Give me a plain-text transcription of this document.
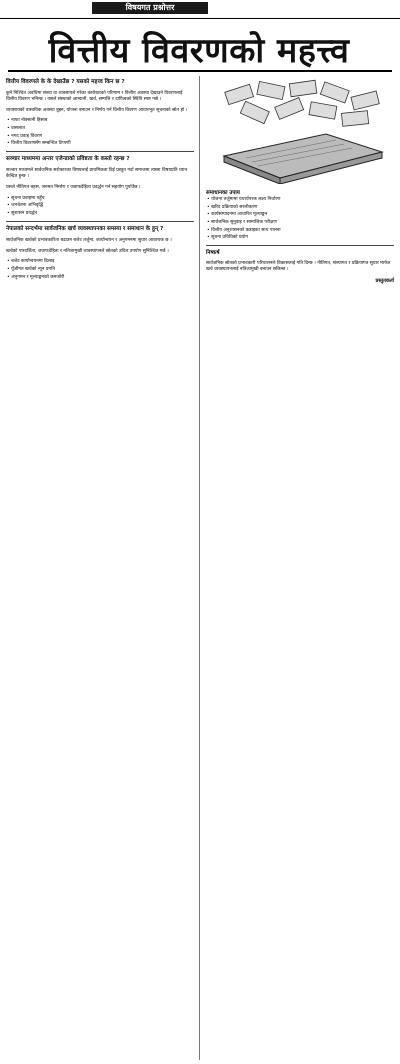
विषयगत प्रश्नोत्तर
वित्तीय विवरणको महत्त्व
वित्तीय विवरणले के के देखाउँछ ? यसको महत्त्व किन छ ?

कुनै निश्चित अवधिमा संस्था वा व्यवसायले गरेका कारोबारको परिणाम र वित्तीय अवस्था देखाउने विवरणलाई वित्तीय विवरण भनिन्छ । यसले संस्थाको आम्दानी, खर्च, सम्पत्ति र दायित्वको स्थिति स्पष्ट गर्छ ।

व्यवसायको वास्तविक अवस्था बुझ्न, योजना बनाउन र निर्णय गर्न वित्तीय विवरण आधारभूत सूचनाको स्रोत हो ।

• नाफा नोक्सानी हिसाब
• वासलात
• नगद प्रवाह विवरण
• वित्तीय विवरणसँग सम्बन्धित टिप्पणी
सञ्चार माध्यममा अन्तर एजेन्डाको प्रविष्टता के कस्तो रहन्छ ?

सञ्चार माध्यमले सार्वजनिक सरोकारका विषयलाई प्राथमिकता दिई प्रस्तुत गर्दा समाजमा त्यस्ता विषयप्रति ध्यान केन्द्रित हुन्छ ।

यसले नीतिगत बहस, जनमत निर्माण र जवाफदेहिता प्रवर्द्धन गर्न सहयोग पुर्याउँछ ।

• सूचना प्रवाहमा पहुँच
• जनचेतना अभिवृद्धि
• सुशासन प्रवर्द्धन
नेपालको सन्दर्भमा सार्वजनिक खर्च व्यवस्थापनका समस्या र समाधान के हुन् ?

सार्वजनिक खर्चको प्रभावकारिता बढाउन बजेट तर्जुमा, कार्यान्वयन र अनुगमनमा सुधार आवश्यक छ ।

खर्चको पारदर्शिता, जवाफदेहिता र नतिजामुखी व्यवस्थापनले स्रोतको उचित उपयोग सुनिश्चित गर्छ ।

• बजेट कार्यान्वयनमा ढिलाइ
• पूँजीगत खर्चको न्यून प्रगति
• अनुगमन र मूल्याङ्कनको कमजोरी
समाधानका उपाय
• योजना तर्जुमामा यथार्थपरक लक्ष्य निर्धारण
• खरिद प्रक्रियाको सरलीकरण
• कार्यसम्पादनमा आधारित मूल्याङ्कन
• सार्वजनिक सुनुवाइ र सामाजिक परीक्षण
• वित्तीय अनुशासनको कडाइका साथ पालना
• सूचना प्रविधिको प्रयोग
निष्कर्ष

सार्वजनिक स्रोतको प्रभावकारी परिचालनले विकासलाई गति दिन्छ । नीतिगत, संस्थागत र प्रक्रियागत सुधार मार्फत खर्च व्यवस्थापनलाई नतिजामुखी बनाउन सकिन्छ ।

प्रस्तुतकर्ता
